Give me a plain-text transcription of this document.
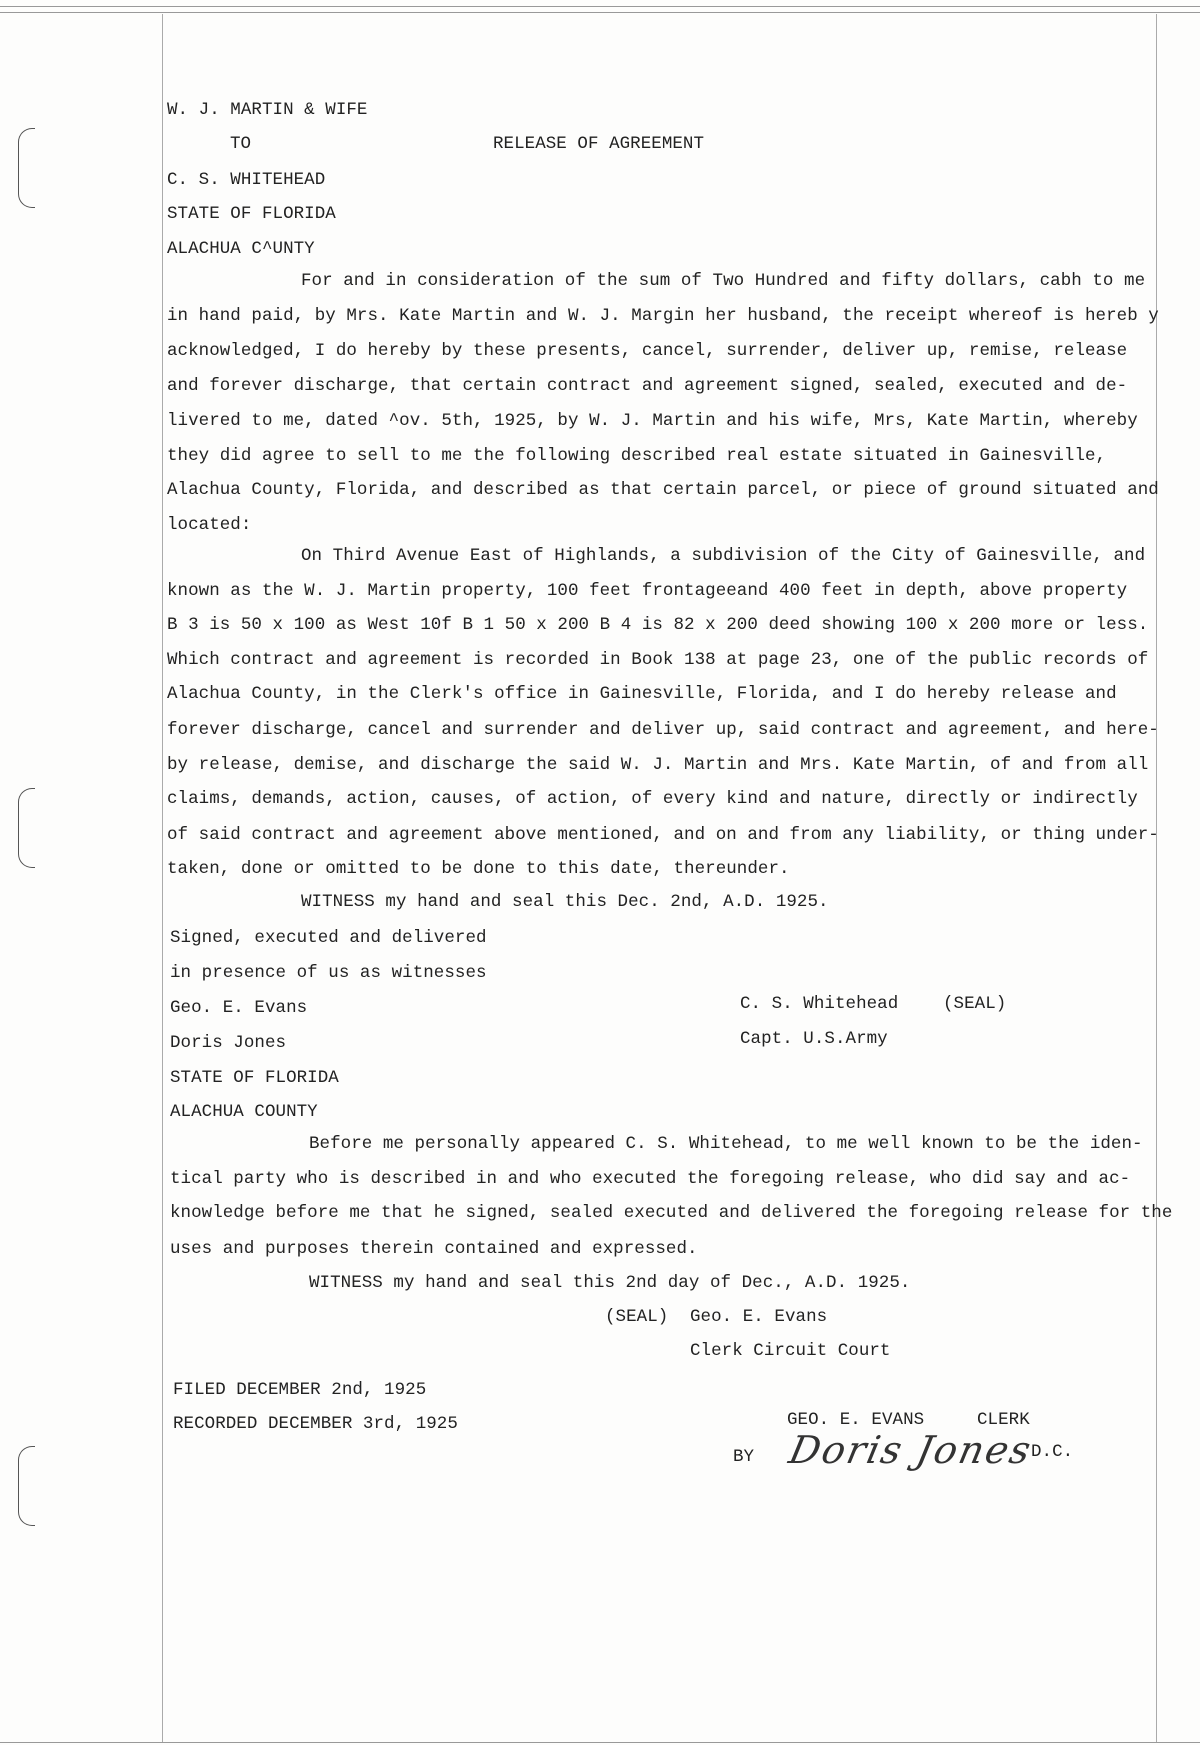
W. J. MARTIN & WIFE
TO	RELEASE OF AGREEMENT
C. S. WHITEHEAD
STATE OF FLORIDA
ALACHUA C^UNTY
For and in consideration of the sum of Two Hundred and fifty dollars, cabh to me
in hand paid, by Mrs. Kate Martin and W. J. Margin her husband, the receipt whereof is hereb y
acknowledged, I do hereby by these presents, cancel, surrender, deliver up, remise, release
and forever discharge, that certain contract and agreement signed, sealed, executed and de-
livered to me, dated ^ov. 5th, 1925, by W. J. Martin and his wife, Mrs, Kate Martin, whereby
they did agree to sell to me the following described real estate situated in Gainesville,
Alachua County, Florida, and described as that certain parcel, or piece of ground situated and
located:
On Third Avenue East of Highlands, a subdivision of the City of Gainesville, and
known as the W. J. Martin property, 100 feet frontageeand 400 feet in depth, above property
B 3 is 50 x 100 as West 10f B 1 50 x 200 B 4 is 82 x 200 deed showing 100 x 200 more or less.
Which contract and agreement is recorded in Book 138 at page 23, one of the public records of
Alachua County, in the Clerk's office in Gainesville, Florida, and I do hereby release and
forever discharge, cancel and surrender and deliver up, said contract and agreement, and here-
by release, demise, and discharge the said W. J. Martin and Mrs. Kate Martin, of and from all
claims, demands, action, causes, of action, of every kind and nature, directly or indirectly
of said contract and agreement above mentioned, and on and from any liability, or thing under-
taken, done or omitted to be done to this date, thereunder.
WITNESS my hand and seal this Dec. 2nd, A.D. 1925.
Signed, executed and delivered
in presence of us as witnesses
Geo. E. Evans
Doris Jones
C. S. Whitehead	(SEAL)
Capt. U.S.Army
STATE OF FLORIDA
ALACHUA COUNTY
Before me personally appeared C. S. Whitehead, to me well known to be the iden-
tical party who is described in and who executed the foregoing release, who did say and ac-
knowledge before me that he signed, sealed executed and delivered the foregoing release for the
uses and purposes therein contained and expressed.
WITNESS my hand and seal this 2nd day of Dec., A.D. 1925.
(SEAL) Geo. E. Evans
Clerk Circuit Court
FILED DECEMBER 2nd, 1925
RECORDED DECEMBER 3rd, 1925	GEO. E. EVANS	CLERK
BY Doris Jones
D.C.
